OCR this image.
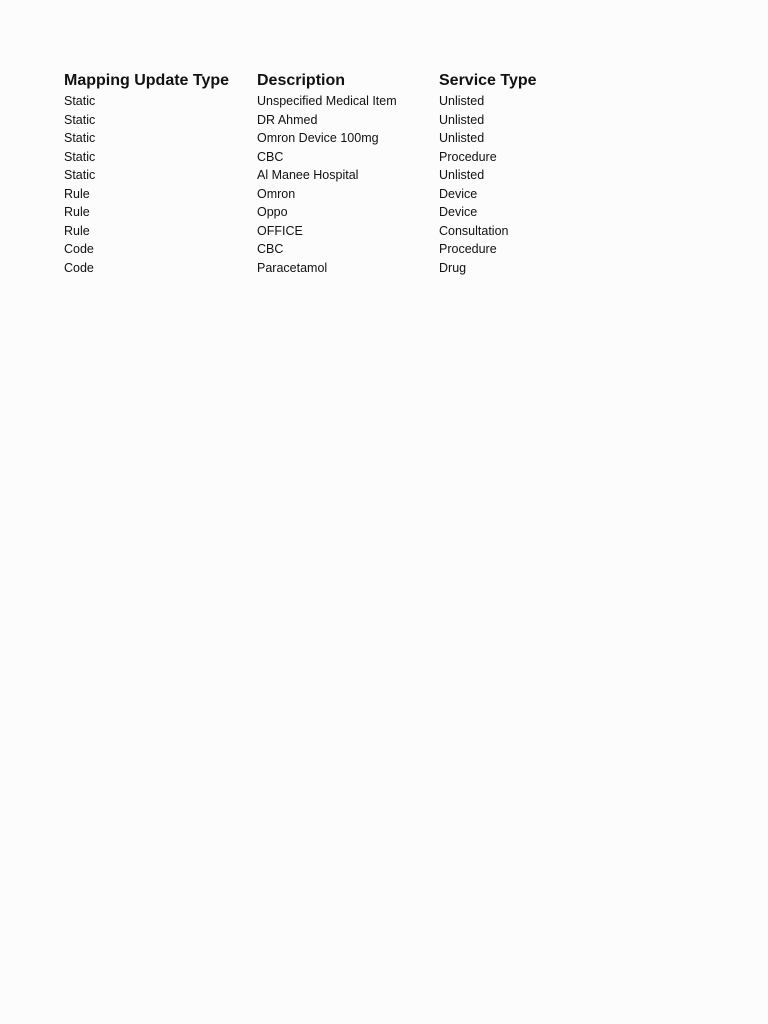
Mapping Update Type	Description	Service Type
Static	Unspecified Medical Item	Unlisted
Static	DR Ahmed	Unlisted
Static	Omron Device 100mg	Unlisted
Static	CBC	Procedure
Static	Al Manee Hospital	Unlisted
Rule	Omron	Device
Rule	Oppo	Device
Rule	OFFICE	Consultation
Code	CBC	Procedure
Code	Paracetamol	Drug
